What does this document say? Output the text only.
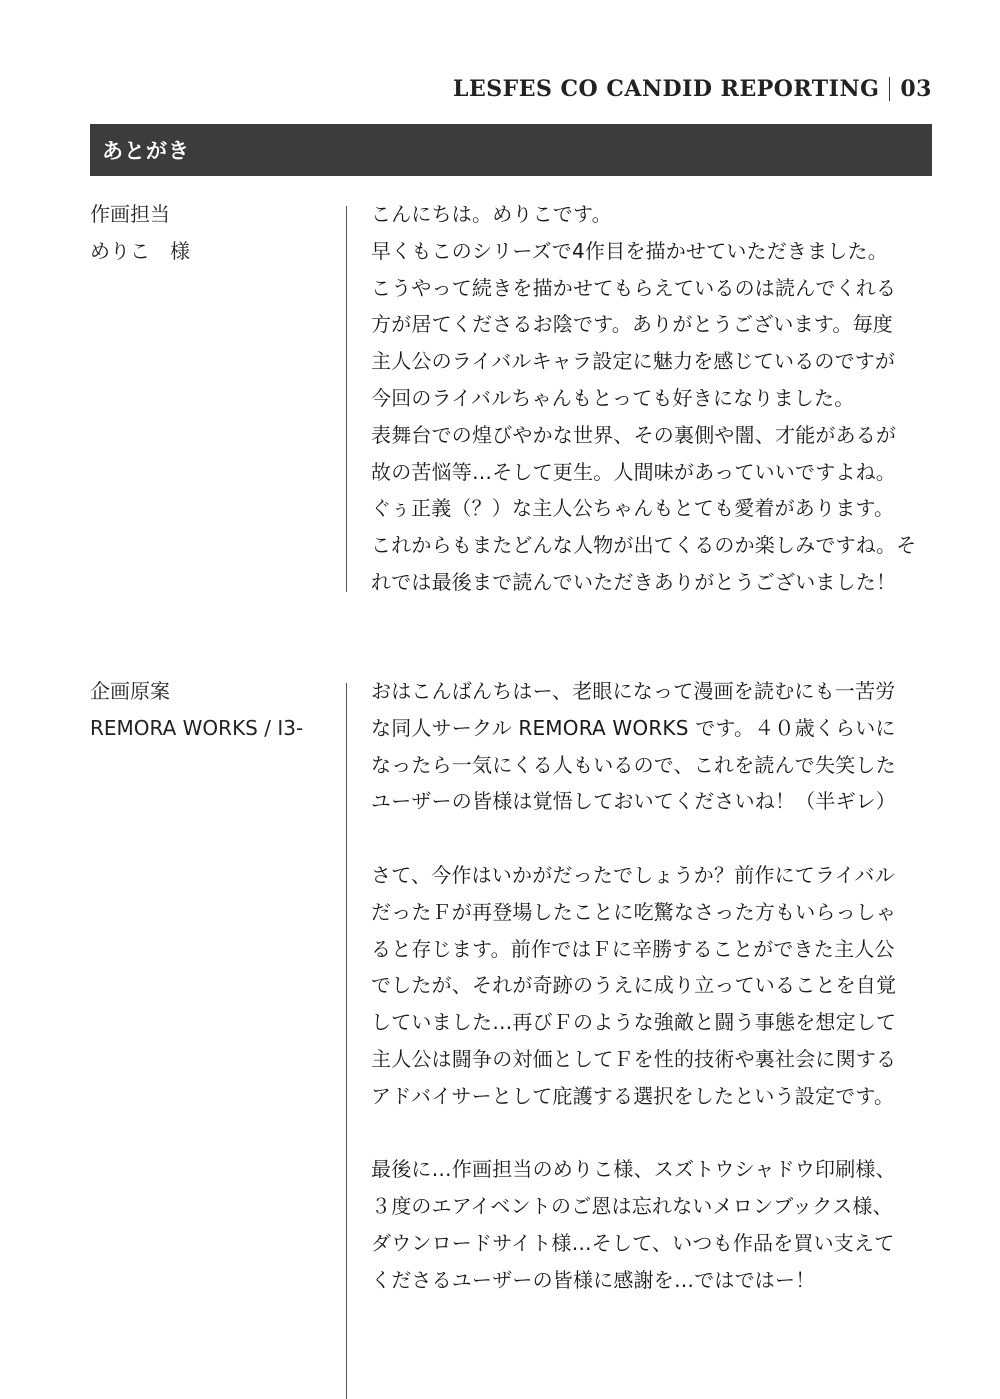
LESFES CO CANDID REPORTING 03
あとがき
作画担当
めりこ　様
こんにちは。めりこです。
早くもこのシリーズで4作目を描かせていただきました。
こうやって続きを描かせてもらえているのは読んでくれる
方が居てくださるお陰です。ありがとうございます。毎度
主人公のライバルキャラ設定に魅力を感じているのですが
今回のライバルちゃんもとっても好きになりました。
表舞台での煌びやかな世界、その裏側や闇、才能があるが
故の苦悩等…そして更生。人間味があっていいですよね。
ぐぅ正義（？）な主人公ちゃんもとても愛着があります。
これからもまたどんな人物が出てくるのか楽しみですね。そ
れでは最後まで読んでいただきありがとうございました！
企画原案
REMORA WORKS / I3-
おはこんばんちはー、老眼になって漫画を読むにも一苦労
な同人サークル REMORA WORKS です。４０歳くらいに
なったら一気にくる人もいるので、これを読んで失笑した
ユーザーの皆様は覚悟しておいてくださいね！（半ギレ）
さて、今作はいかがだったでしょうか？前作にてライバル
だったＦが再登場したことに吃驚なさった方もいらっしゃ
ると存じます。前作ではＦに辛勝することができた主人公
でしたが、それが奇跡のうえに成り立っていることを自覚
していました…再びＦのような強敵と闘う事態を想定して
主人公は闘争の対価としてＦを性的技術や裏社会に関する
アドバイサーとして庇護する選択をしたという設定です。
最後に…作画担当のめりこ様、スズトウシャドウ印刷様、
３度のエアイベントのご恩は忘れないメロンブックス様、
ダウンロードサイト様…そして、いつも作品を買い支えて
くださるユーザーの皆様に感謝を…ではではー！
